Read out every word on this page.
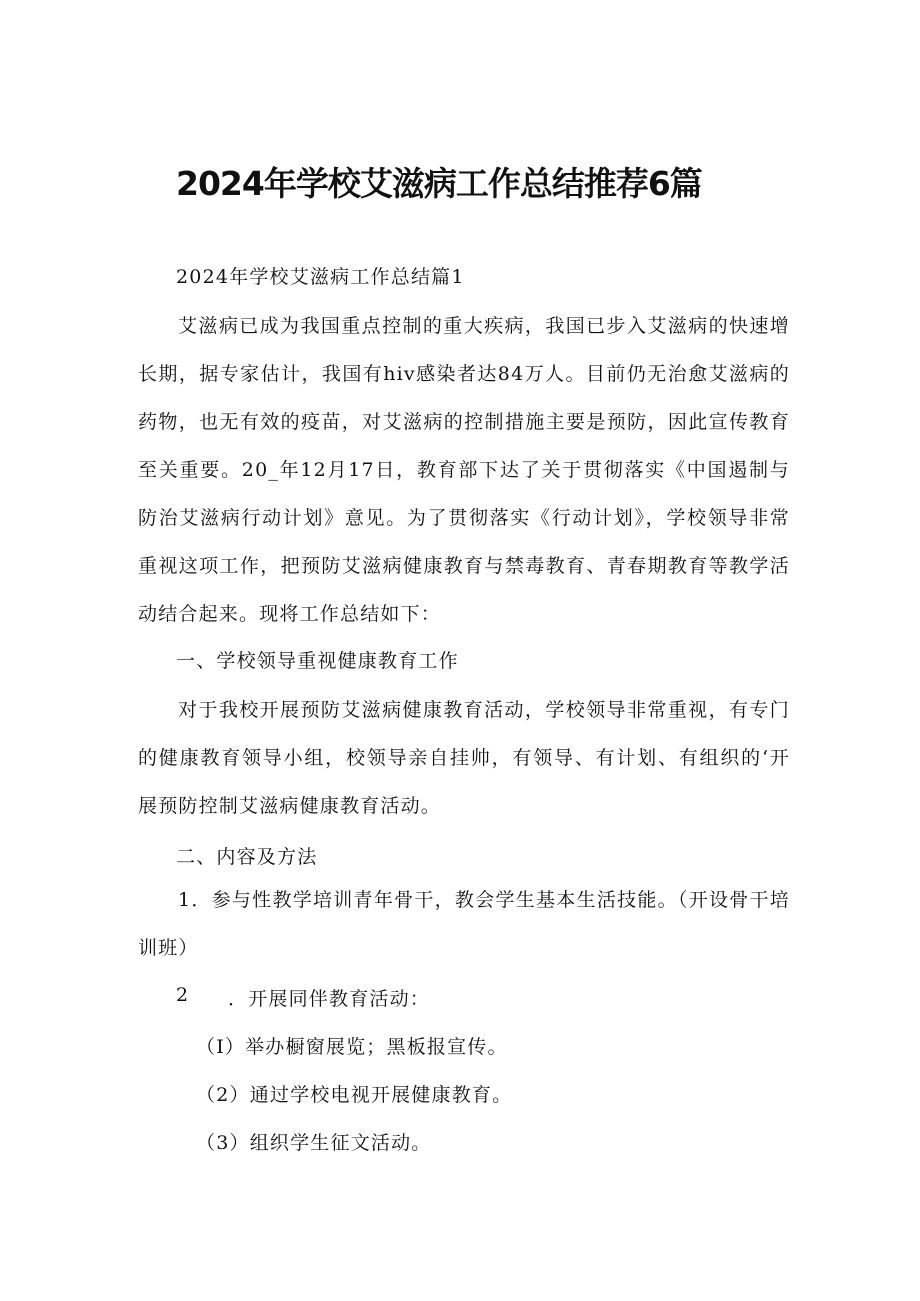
2024年学校艾滋病工作总结推荐6篇

2024年学校艾滋病工作总结篇1

艾滋病已成为我国重点控制的重大疾病，我国已步入艾滋病的快速增长期，据专家估计，我国有hiv感染者达84万人。目前仍无治愈艾滋病的药物，也无有效的疫苗，对艾滋病的控制措施主要是预防，因此宣传教育至关重要。20_年12月17日，教育部下达了关于贯彻落实《中国遏制与防治艾滋病行动计划》意见。为了贯彻落实《行动计划》，学校领导非常重视这项工作，把预防艾滋病健康教育与禁毒教育、青春期教育等教学活动结合起来。现将工作总结如下：

一、学校领导重视健康教育工作

对于我校开展预防艾滋病健康教育活动，学校领导非常重视，有专门的健康教育领导小组，校领导亲自挂帅，有领导、有计划、有组织的‘开展预防控制艾滋病健康教育活动。

二、内容及方法

1．参与性教学培训青年骨干，教会学生基本生活技能。（开设骨干培训班）

2 ．开展同伴教育活动：

（I）举办橱窗展览；黑板报宣传。

（2）通过学校电视开展健康教育。

（3）组织学生征文活动。
